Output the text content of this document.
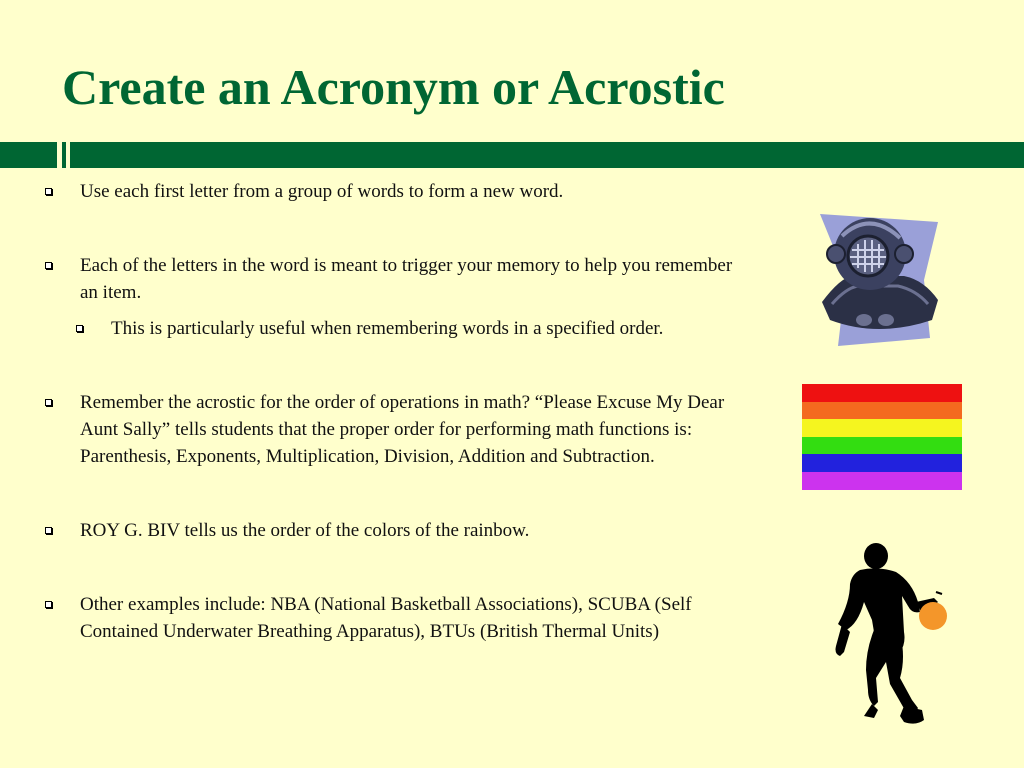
Create an Acronym or Acrostic

Use each first letter from a group of words to form a new word.

Each of the letters in the word is meant to trigger your memory to help you remember an item.

This is particularly useful when remembering words in a specified order.

Remember the acrostic for the order of operations in math? “Please Excuse My Dear Aunt Sally” tells students that the proper order for performing math functions is: Parenthesis, Exponents, Multiplication, Division, Addition and Subtraction.

ROY G. BIV tells us the order of the colors of the rainbow.

Other examples include: NBA (National Basketball Associations), SCUBA (Self Contained Underwater Breathing Apparatus), BTUs (British Thermal Units)
